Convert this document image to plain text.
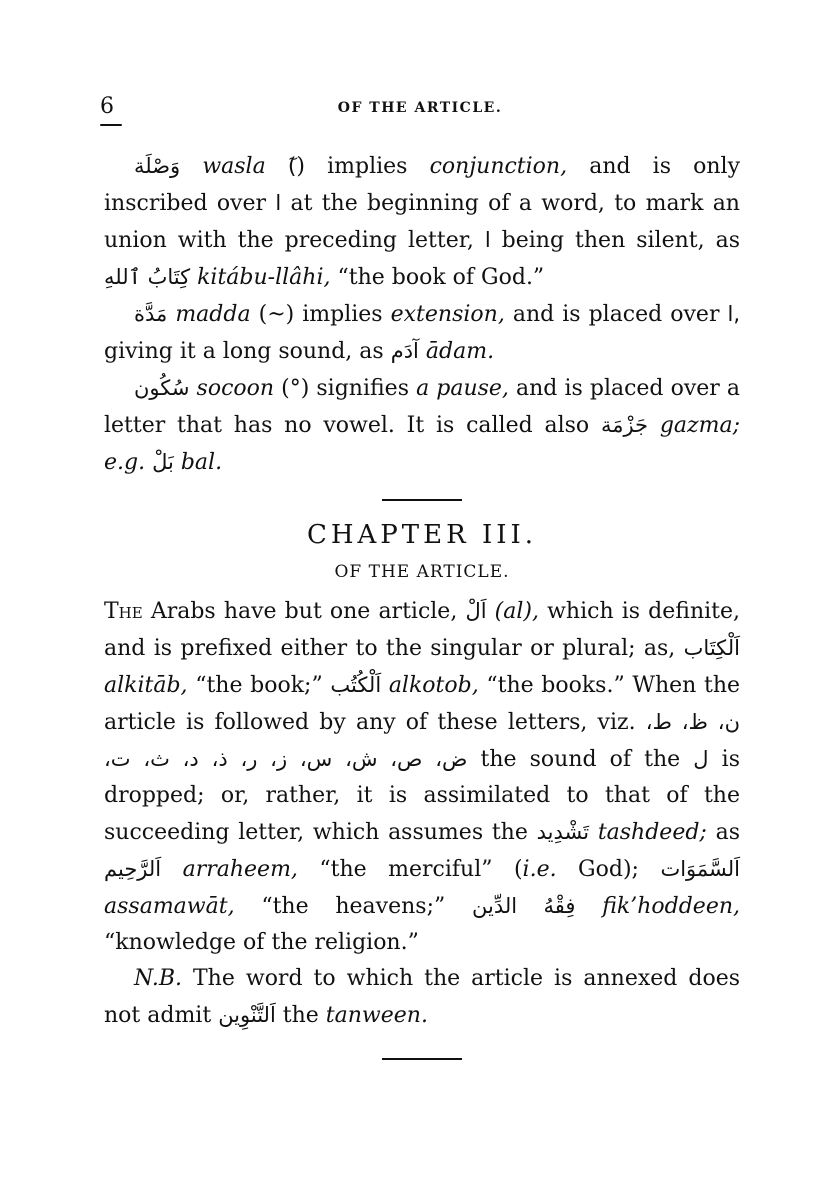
6	OF THE ARTICLE.

وَصْلَة wasla (ٓ) implies conjunction, and is only inscribed over ا at the beginning of a word, to mark an union with the preceding letter, ا being then silent, as كِتَابُ ٱللهِ kitábu-llâhi, “the book of God.”

مَدَّة madda (~) implies extension, and is placed over ا, giving it a long sound, as آدَم ādam.

سُكُون socoon (°) signifies a pause, and is placed over a letter that has no vowel. It is called also جَزْمَة gazma; e.g. بَلْ bal.

CHAPTER III.
OF THE ARTICLE.

The Arabs have but one article, اَلْ (al), which is definite, and is prefixed either to the singular or plural; as, اَلْكِتَاب alkitāb, “the book;” اَلْكُتُب alkotob, “the books.” When the article is followed by any of these letters, viz. ن، ظ، ط، ض، ص، ش، س، ز، ر، ذ، د، ث، ت، the sound of the ل is dropped; or, rather, it is assimilated to that of the succeeding letter, which assumes the تَشْدِيد tashdeed; as اَلرَّحِيم arraheem, “the merciful” (i.e. God); اَلسَّمَوَات assamawāt, “the heavens;” فِقْهُ الدِّين fik’hoddeen, “knowledge of the religion.”

N.B. The word to which the article is annexed does not admit اَلتَّنْوِين the tanween.
